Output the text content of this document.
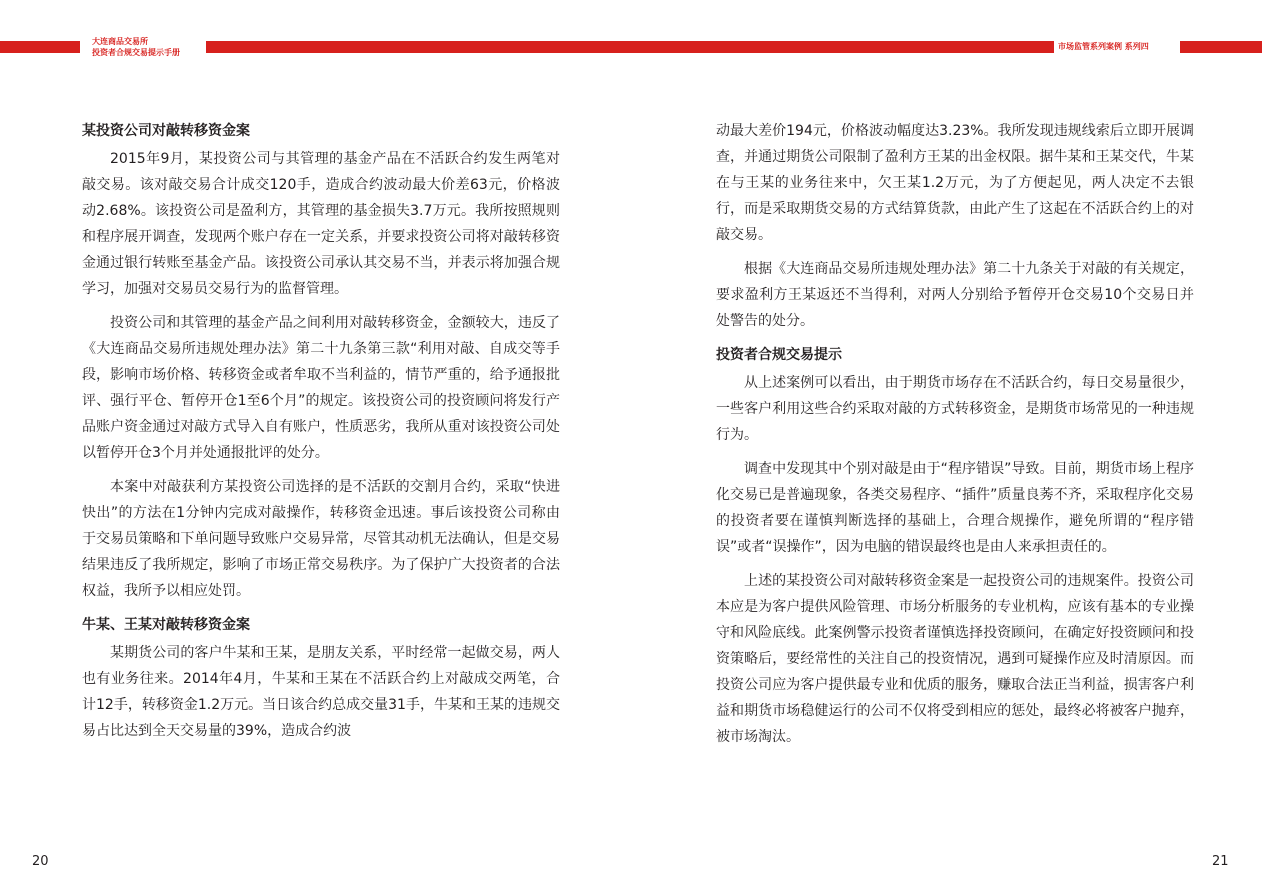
大连商品交易所
投资者合规交易提示手册
市场监管系列案例 系列四
某投资公司对敲转移资金案

2015年9月，某投资公司与其管理的基金产品在不活跃合约发生两笔对敲交易。该对敲交易合计成交120手，造成合约波动最大价差63元，价格波动2.68%。该投资公司是盈利方，其管理的基金损失3.7万元。我所按照规则和程序展开调查，发现两个账户存在一定关系，并要求投资公司将对敲转移资金通过银行转账至基金产品。该投资公司承认其交易不当，并表示将加强合规学习，加强对交易员交易行为的监督管理。

投资公司和其管理的基金产品之间利用对敲转移资金，金额较大，违反了《大连商品交易所违规处理办法》第二十九条第三款“利用对敲、自成交等手段，影响市场价格、转移资金或者牟取不当利益的，情节严重的，给予通报批评、强行平仓、暂停开仓1至6个月”的规定。该投资公司的投资顾问将发行产品账户资金通过对敲方式导入自有账户，性质恶劣，我所从重对该投资公司处以暂停开仓3个月并处通报批评的处分。

本案中对敲获利方某投资公司选择的是不活跃的交割月合约，采取“快进快出”的方法在1分钟内完成对敲操作，转移资金迅速。事后该投资公司称由于交易员策略和下单问题导致账户交易异常，尽管其动机无法确认，但是交易结果违反了我所规定，影响了市场正常交易秩序。为了保护广大投资者的合法权益，我所予以相应处罚。

牛某、王某对敲转移资金案

某期货公司的客户牛某和王某，是朋友关系，平时经常一起做交易，两人也有业务往来。2014年4月，牛某和王某在不活跃合约上对敲成交两笔，合计12手，转移资金1.2万元。当日该合约总成交量31手，牛某和王某的违规交易占比达到全天交易量的39%，造成合约波

动最大差价194元，价格波动幅度达3.23%。我所发现违规线索后立即开展调查，并通过期货公司限制了盈利方王某的出金权限。据牛某和王某交代，牛某在与王某的业务往来中，欠王某1.2万元，为了方便起见，两人决定不去银行，而是采取期货交易的方式结算货款，由此产生了这起在不活跃合约上的对敲交易。

根据《大连商品交易所违规处理办法》第二十九条关于对敲的有关规定，要求盈利方王某返还不当得利，对两人分别给予暂停开仓交易10个交易日并处警告的处分。

投资者合规交易提示

从上述案例可以看出，由于期货市场存在不活跃合约，每日交易量很少，一些客户利用这些合约采取对敲的方式转移资金，是期货市场常见的一种违规行为。

调查中发现其中个别对敲是由于“程序错误”导致。目前，期货市场上程序化交易已是普遍现象，各类交易程序、“插件”质量良莠不齐，采取程序化交易的投资者要在谨慎判断选择的基础上，合理合规操作，避免所谓的“程序错误”或者“误操作”，因为电脑的错误最终也是由人来承担责任的。

上述的某投资公司对敲转移资金案是一起投资公司的违规案件。投资公司本应是为客户提供风险管理、市场分析服务的专业机构，应该有基本的专业操守和风险底线。此案例警示投资者谨慎选择投资顾问，在确定好投资顾问和投资策略后，要经常性的关注自己的投资情况，遇到可疑操作应及时清原因。而投资公司应为客户提供最专业和优质的服务，赚取合法正当利益，损害客户利益和期货市场稳健运行的公司不仅将受到相应的惩处，最终必将被客户抛弃，被市场淘汰。

20	21
